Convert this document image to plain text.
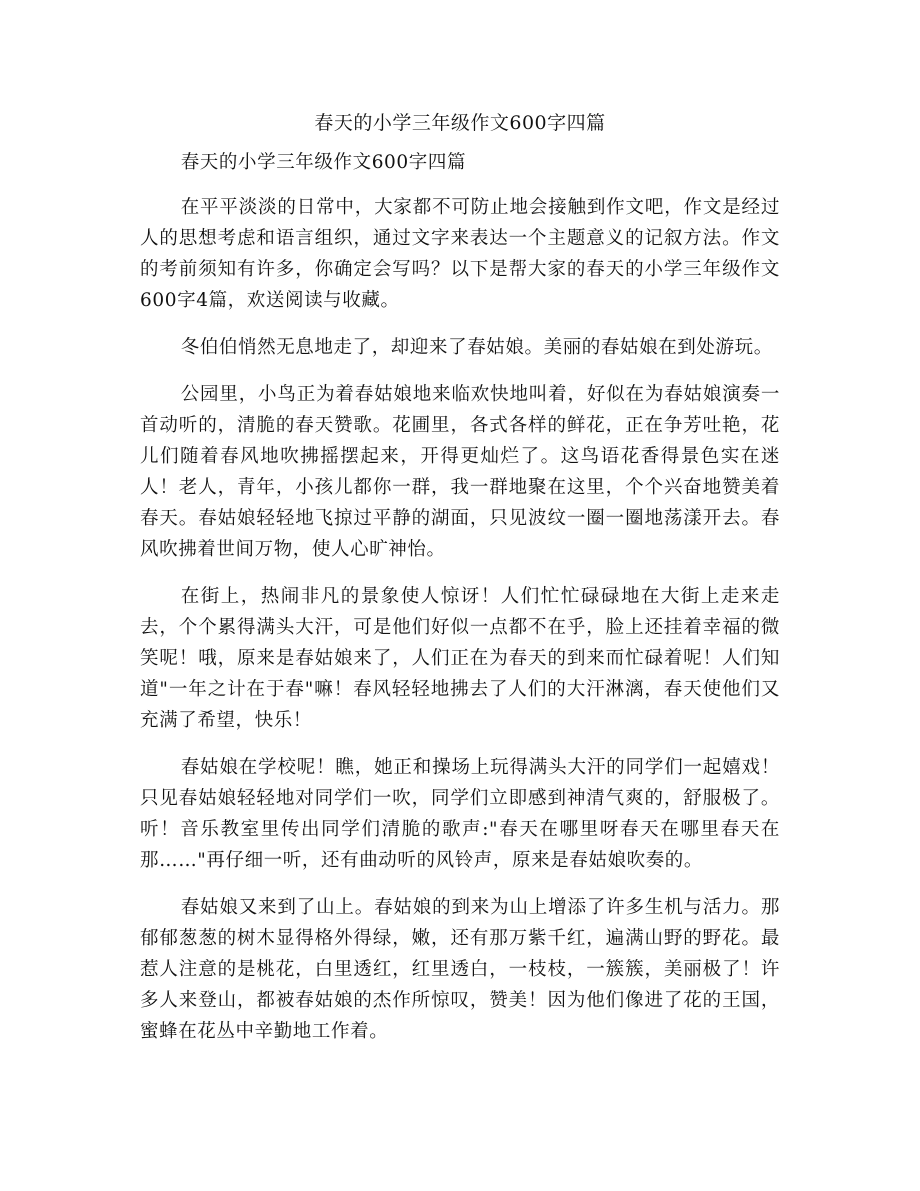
春天的小学三年级作文600字四篇

春天的小学三年级作文600字四篇

在平平淡淡的日常中，大家都不可防止地会接触到作文吧，作文是经过人的思想考虑和语言组织，通过文字来表达一个主题意义的记叙方法。作文的考前须知有许多，你确定会写吗？以下是帮大家的春天的小学三年级作文600字4篇，欢送阅读与收藏。

冬伯伯悄然无息地走了，却迎来了春姑娘。美丽的春姑娘在到处游玩。

公园里，小鸟正为着春姑娘地来临欢快地叫着，好似在为春姑娘演奏一首动听的，清脆的春天赞歌。花圃里，各式各样的鲜花，正在争芳吐艳，花儿们随着春风地吹拂摇摆起来，开得更灿烂了。这鸟语花香得景色实在迷人！老人，青年，小孩儿都你一群，我一群地聚在这里，个个兴奋地赞美着春天。春姑娘轻轻地飞掠过平静的湖面，只见波纹一圈一圈地荡漾开去。春风吹拂着世间万物，使人心旷神怡。

在街上，热闹非凡的景象使人惊讶！人们忙忙碌碌地在大街上走来走去，个个累得满头大汗，可是他们好似一点都不在乎，脸上还挂着幸福的微笑呢！哦，原来是春姑娘来了，人们正在为春天的到来而忙碌着呢！人们知道"一年之计在于春"嘛！春风轻轻地拂去了人们的大汗淋漓，春天使他们又充满了希望，快乐！

春姑娘在学校呢！瞧，她正和操场上玩得满头大汗的同学们一起嬉戏！只见春姑娘轻轻地对同学们一吹，同学们立即感到神清气爽的，舒服极了。听！音乐教室里传出同学们清脆的歌声:"春天在哪里呀春天在哪里春天在那……"再仔细一听，还有曲动听的风铃声，原来是春姑娘吹奏的。

春姑娘又来到了山上。春姑娘的到来为山上增添了许多生机与活力。那郁郁葱葱的树木显得格外得绿，嫩，还有那万紫千红，遍满山野的野花。最惹人注意的是桃花，白里透红，红里透白，一枝枝，一簇簇，美丽极了！许多人来登山，都被春姑娘的杰作所惊叹，赞美！因为他们像进了花的王国，蜜蜂在花丛中辛勤地工作着。
